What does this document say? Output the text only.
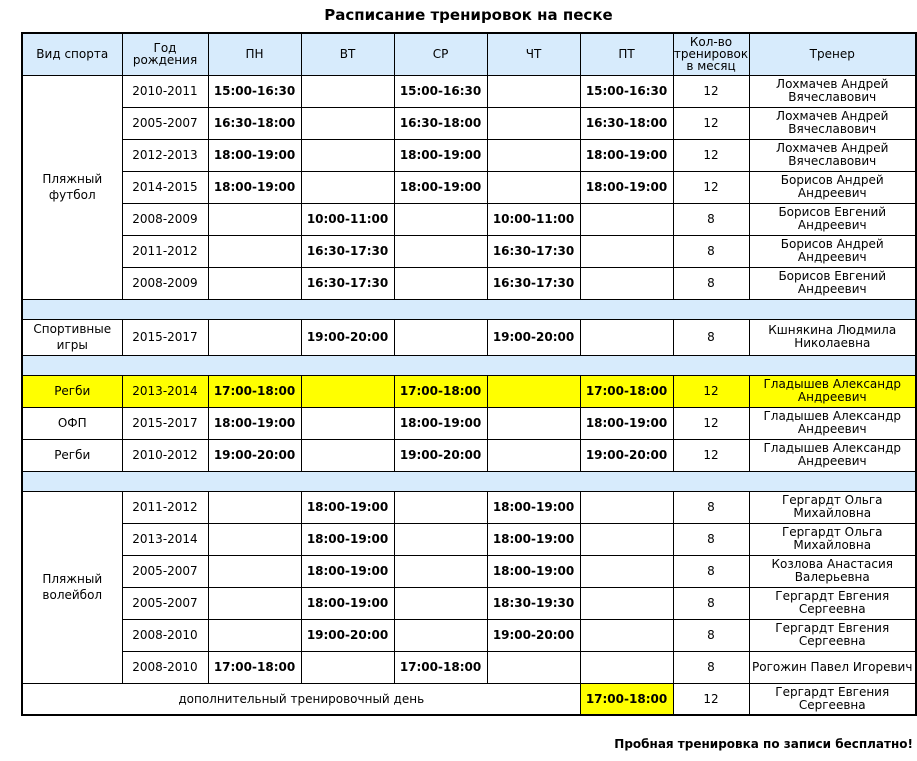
Расписание тренировок на песке
Вид спорта	Год рождения	ПН	ВТ	СР	ЧТ	ПТ	Кол-во тренировок в месяц	Тренер
Пляжный футбол	2010-2011	15:00-16:30		15:00-16:30		15:00-16:30	12	Лохмачев Андрей Вячеславович
	2005-2007	16:30-18:00		16:30-18:00		16:30-18:00	12	Лохмачев Андрей Вячеславович
	2012-2013	18:00-19:00		18:00-19:00		18:00-19:00	12	Лохмачев Андрей Вячеславович
	2014-2015	18:00-19:00		18:00-19:00		18:00-19:00	12	Борисов Андрей Андреевич
	2008-2009		10:00-11:00		10:00-11:00		8	Борисов Евгений Андреевич
	2011-2012		16:30-17:30		16:30-17:30		8	Борисов Андрей Андреевич
	2008-2009		16:30-17:30		16:30-17:30		8	Борисов Евгений Андреевич

Спортивные игры	2015-2017		19:00-20:00		19:00-20:00		8	Кшнякина Людмила Николаевна

Регби	2013-2014	17:00-18:00		17:00-18:00		17:00-18:00	12	Гладышев Александр Андреевич
ОФП	2015-2017	18:00-19:00		18:00-19:00		18:00-19:00	12	Гладышев Александр Андреевич
Регби	2010-2012	19:00-20:00		19:00-20:00		19:00-20:00	12	Гладышев Александр Андреевич

Пляжный волейбол	2011-2012		18:00-19:00		18:00-19:00		8	Гергардт Ольга Михайловна
	2013-2014		18:00-19:00		18:00-19:00		8	Гергардт Ольга Михайловна
	2005-2007		18:00-19:00		18:00-19:00		8	Козлова Анастасия Валерьевна
	2005-2007		18:00-19:00		18:30-19:30		8	Гергардт Евгения Сергеевна
	2008-2010		19:00-20:00		19:00-20:00		8	Гергардт Евгения Сергеевна
	2008-2010	17:00-18:00		17:00-18:00			8	Рогожин Павел Игоревич
дополнительный тренировочный день						17:00-18:00	12	Гергардт Евгения Сергеевна
Пробная тренировка по записи бесплатно!
